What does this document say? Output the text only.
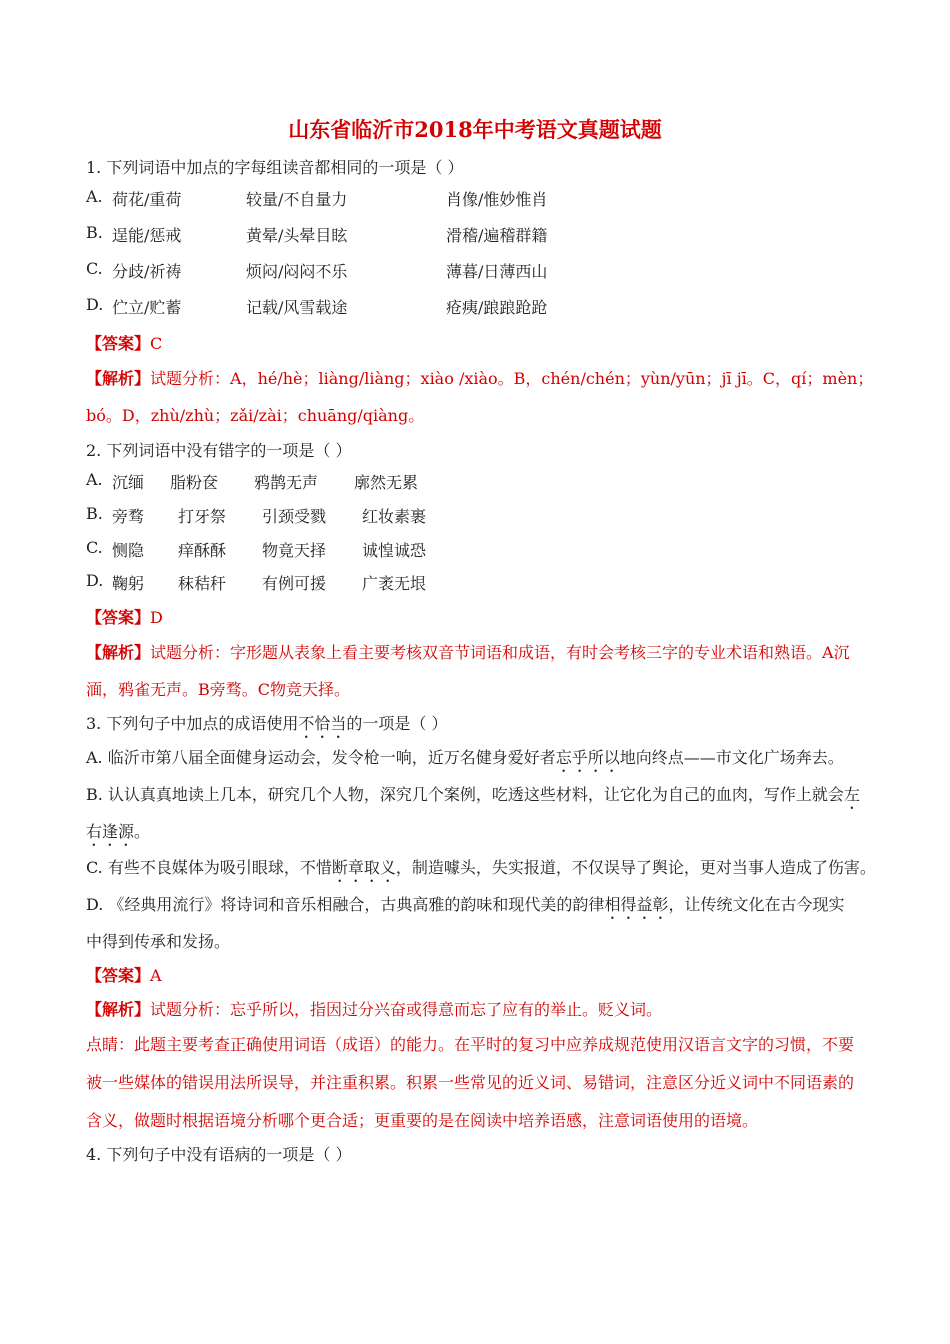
山东省临沂市2018年中考语文真题试题
1. 下列词语中加点的字每组读音都相同的一项是（ ）
A. 荷花/重荷	较量/不自量力	肖像/惟妙惟肖
B. 逞能/惩戒	黄晕/头晕目眩	滑稽/遍稽群籍
C. 分歧/祈祷	烦闷/闷闷不乐	薄暮/日薄西山
D. 伫立/贮蓄	记载/风雪载途	疮痍/踉踉跄跄
【答案】C
【解析】试题分析：A，hé/hè；liàng/liàng；xiào /xiào。B，chén/chén；yùn/yūn；jī jī。C，qí；mèn；
bó。D，zhù/zhù；zǎi/zài；chuāng/qiàng。
2. 下列词语中没有错字的一项是（ ）
A. 沉缅 脂粉奁 鸦鹊无声 廓然无累
B. 旁骛 打牙祭 引颈受戮 红妆素裹
C. 恻隐 痒酥酥 物竟天择 诚惶诚恐
D. 鞠躬 秣秸秆 有例可援 广袤无垠
【答案】D
【解析】试题分析：字形题从表象上看主要考核双音节词语和成语，有时会考核三字的专业术语和熟语。A沉
湎，鸦雀无声。B旁骛。C物竞天择。
3. 下列句子中加点的成语使用不恰当的一项是（ ）
A. 临沂市第八届全面健身运动会，发令枪一响，近万名健身爱好者忘乎所以地向终点——市文化广场奔去。
B. 认认真真地读上几本，研究几个人物，深究几个案例，吃透这些材料，让它化为自己的血肉，写作上就会左
右逢源。
C. 有些不良媒体为吸引眼球，不惜断章取义，制造噱头，失实报道，不仅误导了舆论，更对当事人造成了伤害。
D. 《经典用流行》将诗词和音乐相融合，古典高雅的韵味和现代美的韵律相得益彰，让传统文化在古今现实
中得到传承和发扬。
【答案】A
【解析】试题分析：忘乎所以，指因过分兴奋或得意而忘了应有的举止。贬义词。
点睛：此题主要考查正确使用词语（成语）的能力。在平时的复习中应养成规范使用汉语言文字的习惯，不要
被一些媒体的错误用法所误导，并注重积累。积累一些常见的近义词、易错词，注意区分近义词中不同语素的
含义，做题时根据语境分析哪个更合适；更重要的是在阅读中培养语感，注意词语使用的语境。
4. 下列句子中没有语病的一项是（ ）
